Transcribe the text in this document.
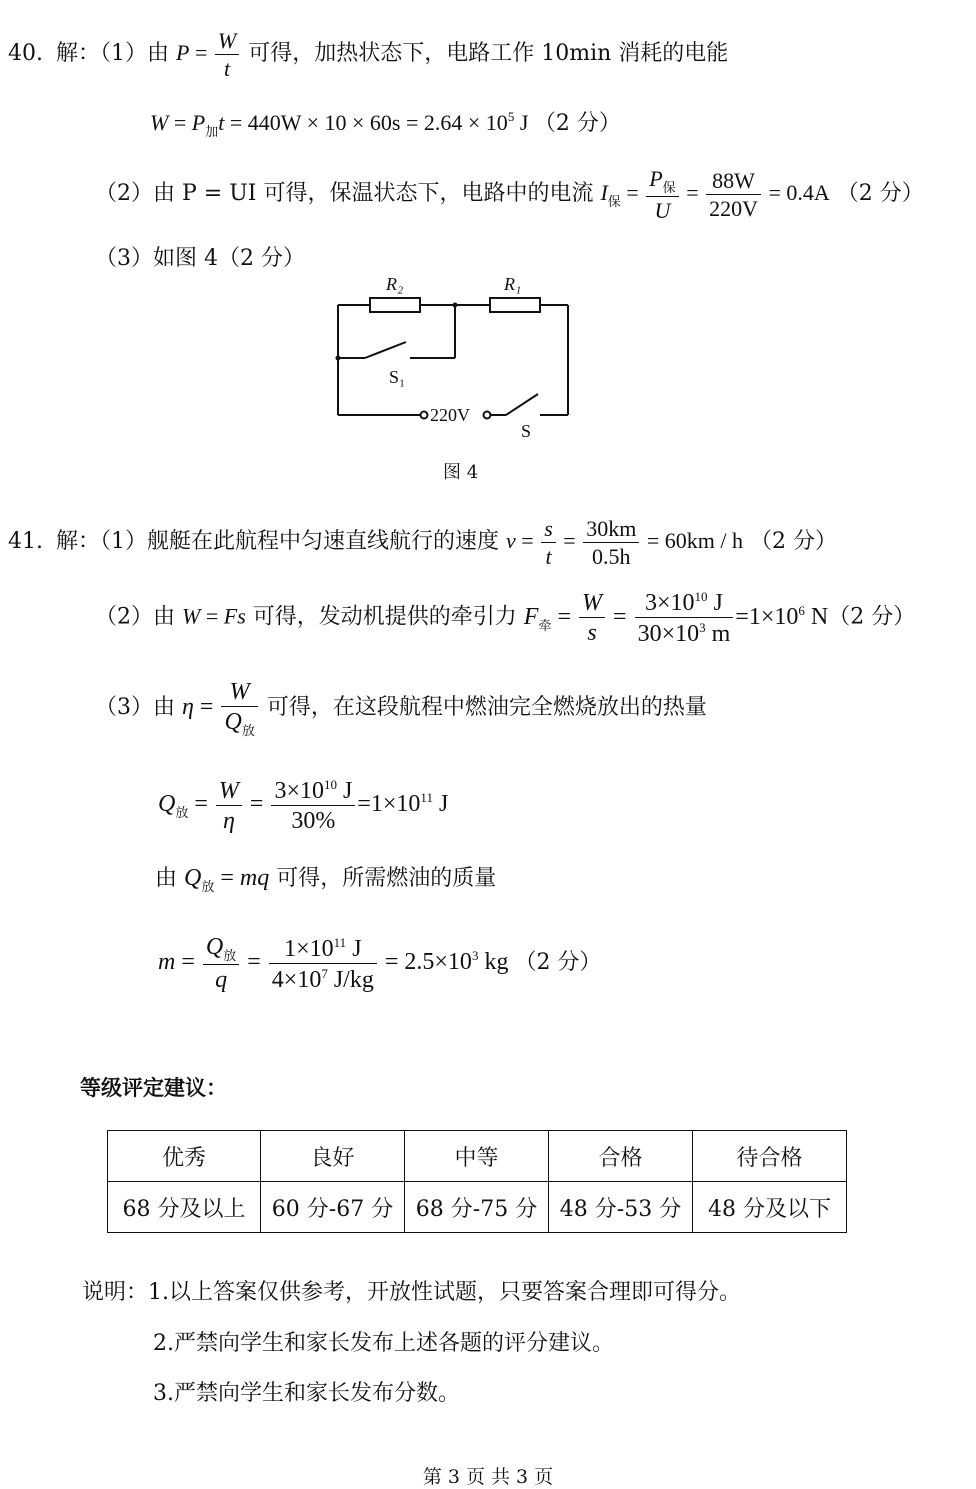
40. 解：（1）由 $P = \frac{W}{t}$ 可得，加热状态下，电路工作 10min 消耗的电能
$W = P_加t = 440W \times 10 \times 60s = 2.64 \times 10^5$ J （2 分）
（2）由 P = UI 可得，保温状态下，电路中的电流 $I_保 = \frac{P_保}{U} = \frac{88W}{220V} = 0.4A$ （2 分）
（3）如图 4（2 分）
R₂	R₁
S₁
220V
S
图 4
41. 解：（1）舰艇在此航程中匀速直线航行的速度 $v = \frac{s}{t} = \frac{30km}{0.5h} = 60km / h$ （2 分）
（2）由 W = Fs 可得，发动机提供的牵引力 $F_牵 = \frac{W}{s} = \frac{3\times 10^{10} J}{30\times 10^3 m} =1\times 10^6$ N（2 分）
（3）由 $\eta = \frac{W}{Q_放}$ 可得，在这段航程中燃油完全燃烧放出的热量
$Q_放 = \frac{W}{\eta} = \frac{3\times 10^{10} J}{30\%} =1\times 10^{11}$ J
由 $Q_放$ = mq 可得，所需燃油的质量
$m = \frac{Q_放}{q} = \frac{1\times 10^{11} J}{4\times 10^7 J/kg} = 2.5\times 10^3$ kg （2 分）
等级评定建议：
优秀	良好	中等	合格	待合格
68 分及以上	60 分-67 分	68 分-75 分	48 分-53 分	48 分及以下
说明：1.以上答案仅供参考，开放性试题，只要答案合理即可得分。
2.严禁向学生和家长发布上述各题的评分建议。
3.严禁向学生和家长发布分数。
第 3 页 共 3 页
